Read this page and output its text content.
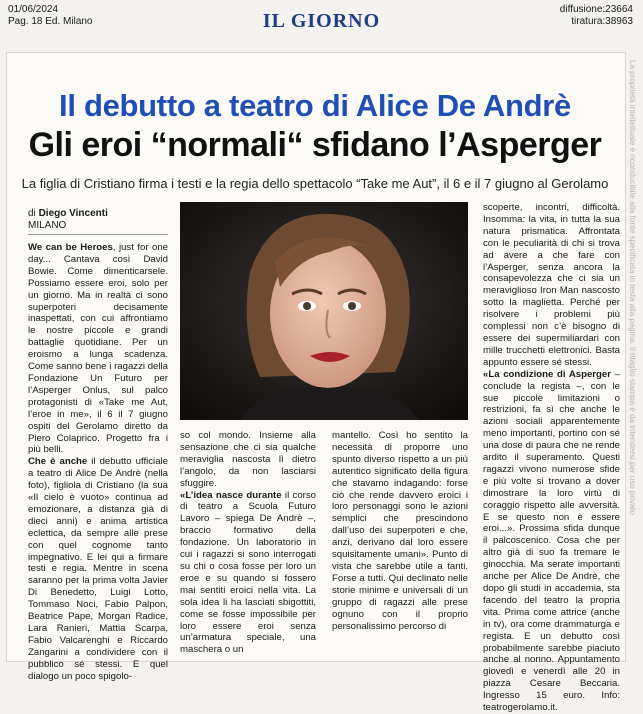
01/06/2024
Pag. 18 Ed. Milano	IL GIORNO
diffusione:23664
tiratura:38963
Il debutto a teatro di Alice De Andrè
Gli eroi “normali“ sfidano l’Asperger
La figlia di Cristiano firma i testi e la regia dello spettacolo “Take me Aut”, il 6 e il 7 giugno al Gerolamo
di Diego Vincenti
MILANO

We can be Heroes, just for one day... Cantava così David Bowie. Come dimenticarsele. Possiamo essere eroi, solo per un giorno. Ma in realtà ci sono superpoteri decisamente inaspettati, con cui affrontiamo le nostre piccole e grandi battaglie quotidiane. Per un eroismo a lunga scadenza. Come sanno bene i ragazzi della Fondazione Un Futuro per l’Asperger Onlus, sul palco protagonisti di «Take me Aut, l’eroe in me», il 6 il 7 giugno ospiti del Gerolamo diretto da Piero Colaprico. Progetto fra i più belli.

Che è anche il debutto ufficiale a teatro di Alice De Andrè (nella foto), figliola di Cristiano (la sua «Il cielo è vuoto» continua ad emozionare, a distanza già di dieci anni) e anima artistica eclettica, da sempre alle prese con quel cognome tanto impegnativo. E lei qui a firmare testi e regia. Mentre in scena saranno per la prima volta Javier Di Benedetto, Luigi Lotto, Tommaso Noci, Fabio Palpon, Beatrice Pape, Morgan Radice, Lara Ranieri, Mattia Scarpa, Fabio Valcarenghi e Riccardo Zangarini a condividere con il pubblico sé stessi. E quel dialogo un poco spigolo-

so col mondo. Insieme alla sensazione che ci sia qualche meraviglia nascosta lì dietro l’angolo, da non lasciarsi sfuggire.

«L’idea nasce durante il corso di teatro a Scuola Futuro Lavoro – spiega De Andrè –, braccio formativo della fondazione. Un laboratorio in cui i ragazzi si sono interrogati su chi o cosa fosse per loro un eroe e su quando si fossero mai sentiti eroici nella vita. La sola idea li ha lasciati sbigottiti, come se fosse impossibile per loro essere eroi senza un’armatura speciale, una maschera o un

mantello. Così ho sentito la necessità di proporre uno spunto diverso rispetto a un più autentico significato della figura che stavamo indagando: forse ciò che rende davvero eroici i loro personaggi sono le azioni semplici che prescindono dall’uso dei superpoteri e che, anzi, derivano dal loro essere squisitamente umani». Punto di vista che sarebbe utile a tanti. Forse a tutti. Qui declinato nelle storie minime e universali di un gruppo di ragazzi alle prese ognuno con il proprio personalissimo percorso di

scoperte, incontri, difficoltà. Insomma: la vita, in tutta la sua natura prismatica. Affrontata con le peculiarità di chi si trova ad avere a che fare con l’Asperger, senza ancora la consapevolezza che ci sia un meraviglioso Iron Man nascosto sotto la maglietta. Perché per risolvere i problemi più complessi non c’è bisogno di essere dei supermiliardari con mille trucchetti elettronici. Basta appunto essere sé stessi.

«La condizione di Asperger – conclude la regista –, con le sue piccole limitazioni o restrizioni, fa sì che anche le azioni sociali apparentemente meno importanti, portino con sé una dose di paura che ne rende ardito il superamento. Questi ragazzi vivono numerose sfide e più volte si trovano a dover dimostrare la loro virtù di coraggio rispetto alle avversità. E se questo non è essere eroi...». Prossima sfida dunque il palcoscenico. Cosa che per altro già di suo fa tremare le ginocchia. Ma serate importanti anche per Alice De Andrè, che dopo gli studi in accademia, sta facendo del teatro la propria vita. Prima come attrice (anche in tv), ora come drammaturga e regista. E un debutto così probabilmente sarebbe piaciuto anche al nonno. Appuntamento giovedì e venerdì alle 20 in piazza Cesare Beccaria. Ingresso 15 euro. Info: teatrogerolamo.it.

La proprietà intellettuale è riconducibile alla fonte specificata in testa alla pagina. Il ritaglio stampa è da intendersi per uso privato
